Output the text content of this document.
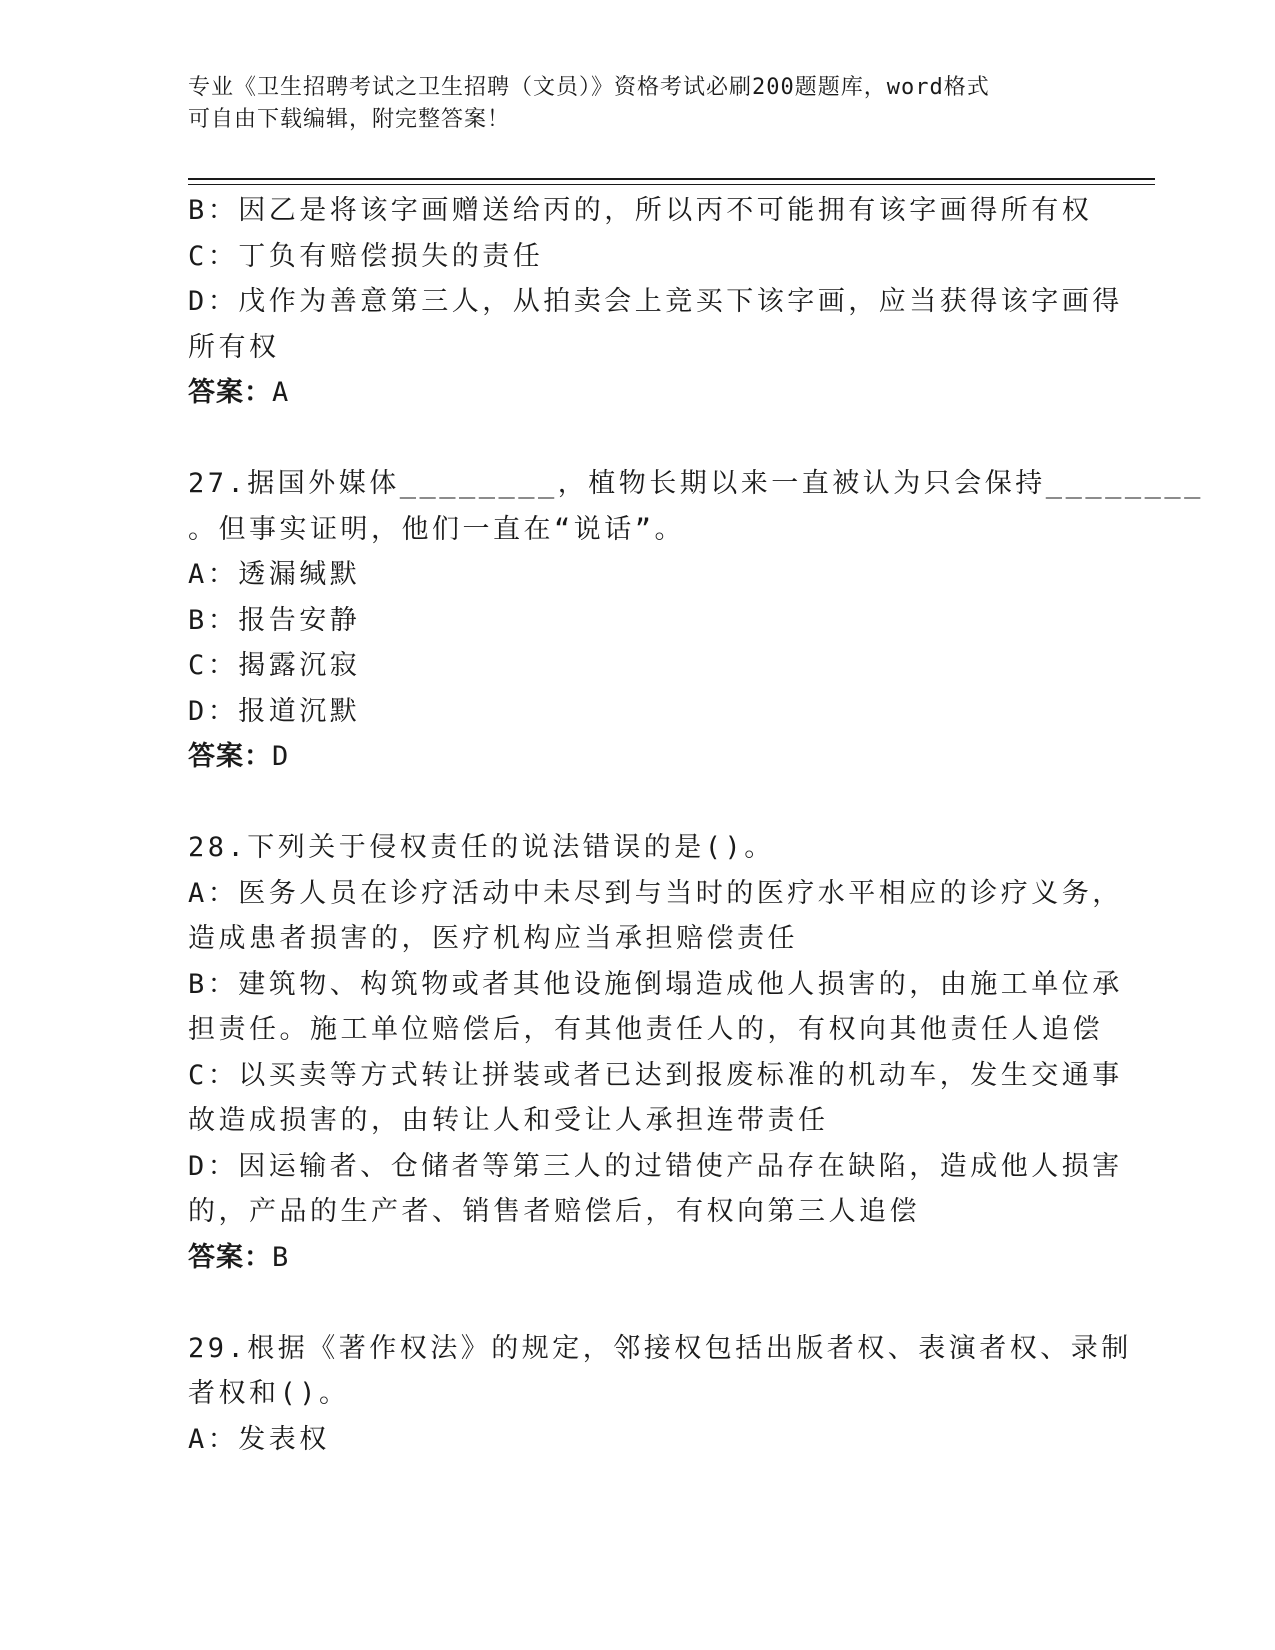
专业《卫生招聘考试之卫生招聘（文员）》资格考试必刷200题题库，word格式

可自由下载编辑，附完整答案！

B：因乙是将该字画赠送给丙的，所以丙不可能拥有该字画得所有权

C：丁负有赔偿损失的责任

D：戊作为善意第三人，从拍卖会上竞买下该字画，应当获得该字画得

所有权

答案：A

27.据国外媒体________，植物长期以来一直被认为只会保持________

。但事实证明，他们一直在“说话”。

A：透漏缄默

B：报告安静

C：揭露沉寂

D：报道沉默

答案：D

28.下列关于侵权责任的说法错误的是()。

A：医务人员在诊疗活动中未尽到与当时的医疗水平相应的诊疗义务，

造成患者损害的，医疗机构应当承担赔偿责任

B：建筑物、构筑物或者其他设施倒塌造成他人损害的，由施工单位承

担责任。施工单位赔偿后，有其他责任人的，有权向其他责任人追偿

C：以买卖等方式转让拼装或者已达到报废标准的机动车，发生交通事

故造成损害的，由转让人和受让人承担连带责任

D：因运输者、仓储者等第三人的过错使产品存在缺陷，造成他人损害

的，产品的生产者、销售者赔偿后，有权向第三人追偿

答案：B

29.根据《著作权法》的规定，邻接权包括出版者权、表演者权、录制

者权和()。

A：发表权
